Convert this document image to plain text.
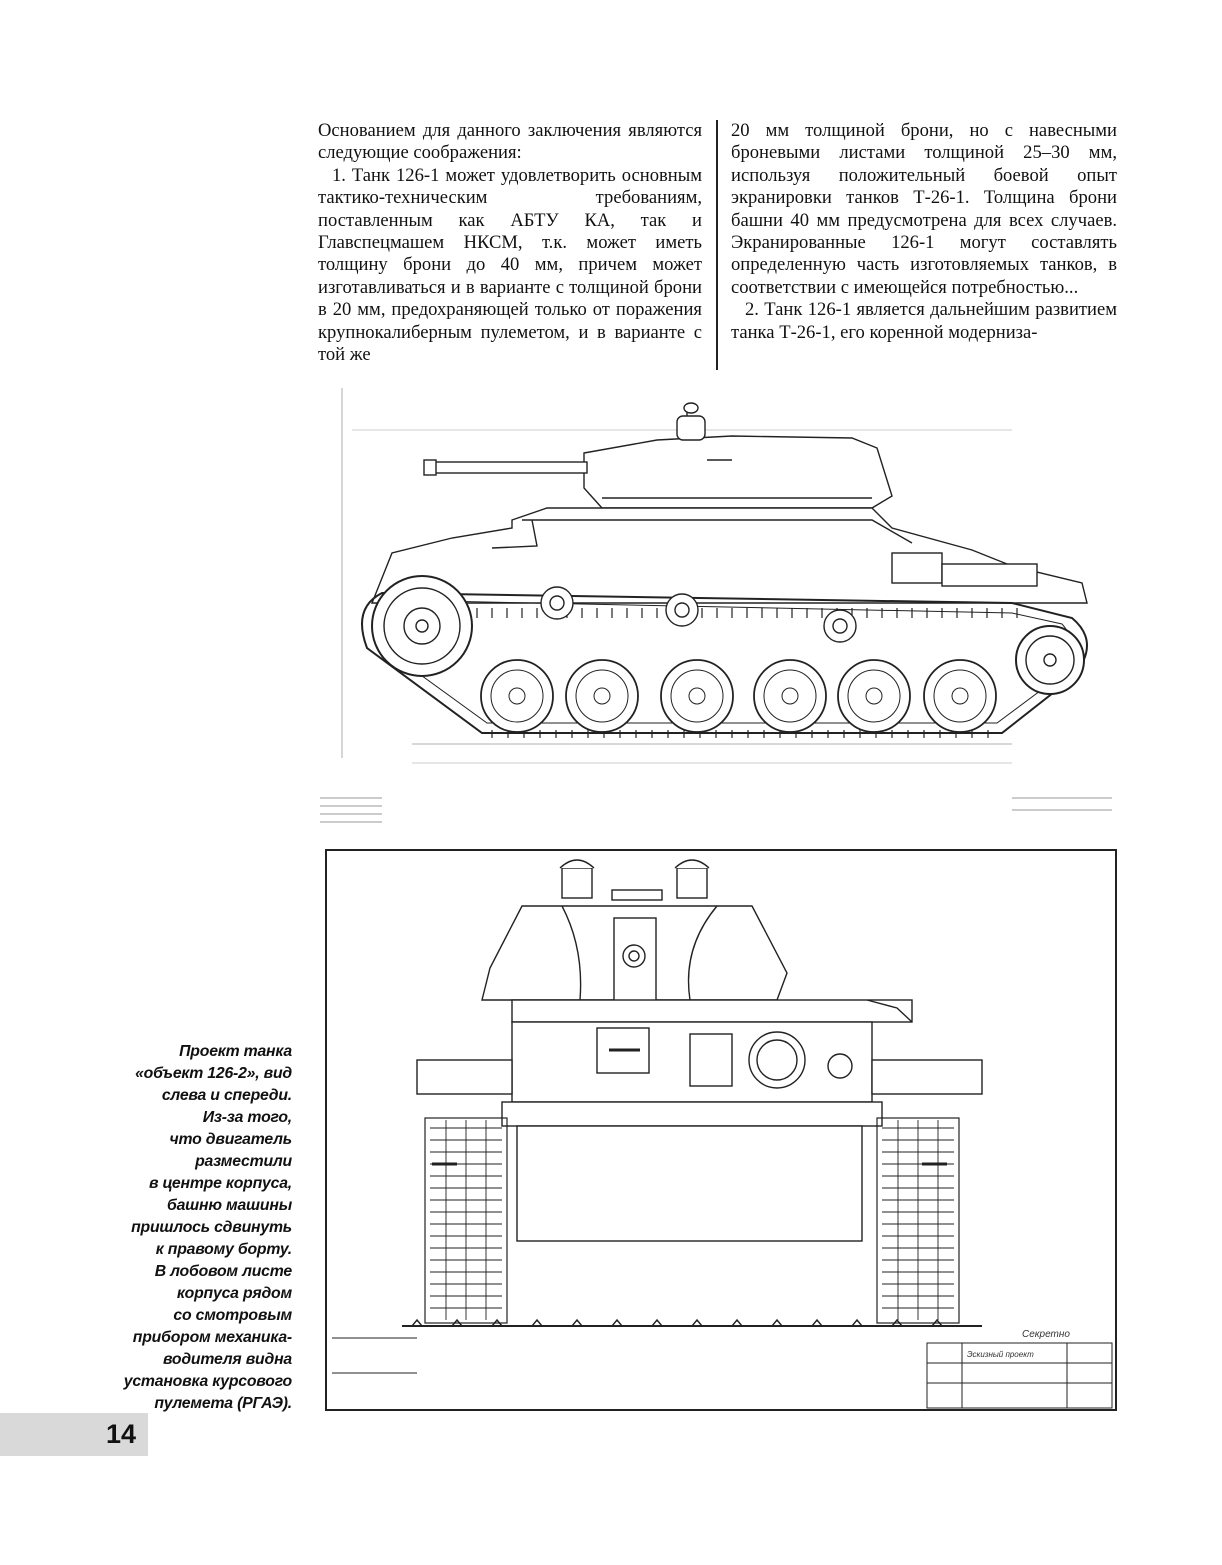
Основанием для данного заключения являются следующие соображения:

1. Танк 126-1 может удовлетворить основным тактико-техническим требованиям, поставленным как АБТУ КА, так и Главспецмашем НКСМ, т.к. может иметь толщину брони до 40 мм, причем может изготавливаться и в варианте с толщиной брони в 20 мм, предохраняющей только от поражения крупнокалиберным пулеметом, и в варианте с той же

20 мм толщиной брони, но с навесными броневыми листами толщиной 25–30 мм, используя положительный боевой опыт экранировки танков Т-26-1. Толщина брони башни 40 мм предусмотрена для всех случаев. Экранированные 126-1 могут составлять определенную часть изготовляемых танков, в соответствии с имеющейся потребностью...

2. Танк 126-1 является дальнейшим развитием танка Т-26-1, его коренной модерниза-

Секретно
Эскизный проект
Проект танка
«объект 126-2», вид
слева и спереди.
Из-за того,
что двигатель
разместили
в центре корпуса,
башню машины
пришлось сдвинуть
к правому борту.
В лобовом листе
корпуса рядом
со смотровым
прибором механика-
водителя видна
установка курсового
пулемета (РГАЭ).
14
